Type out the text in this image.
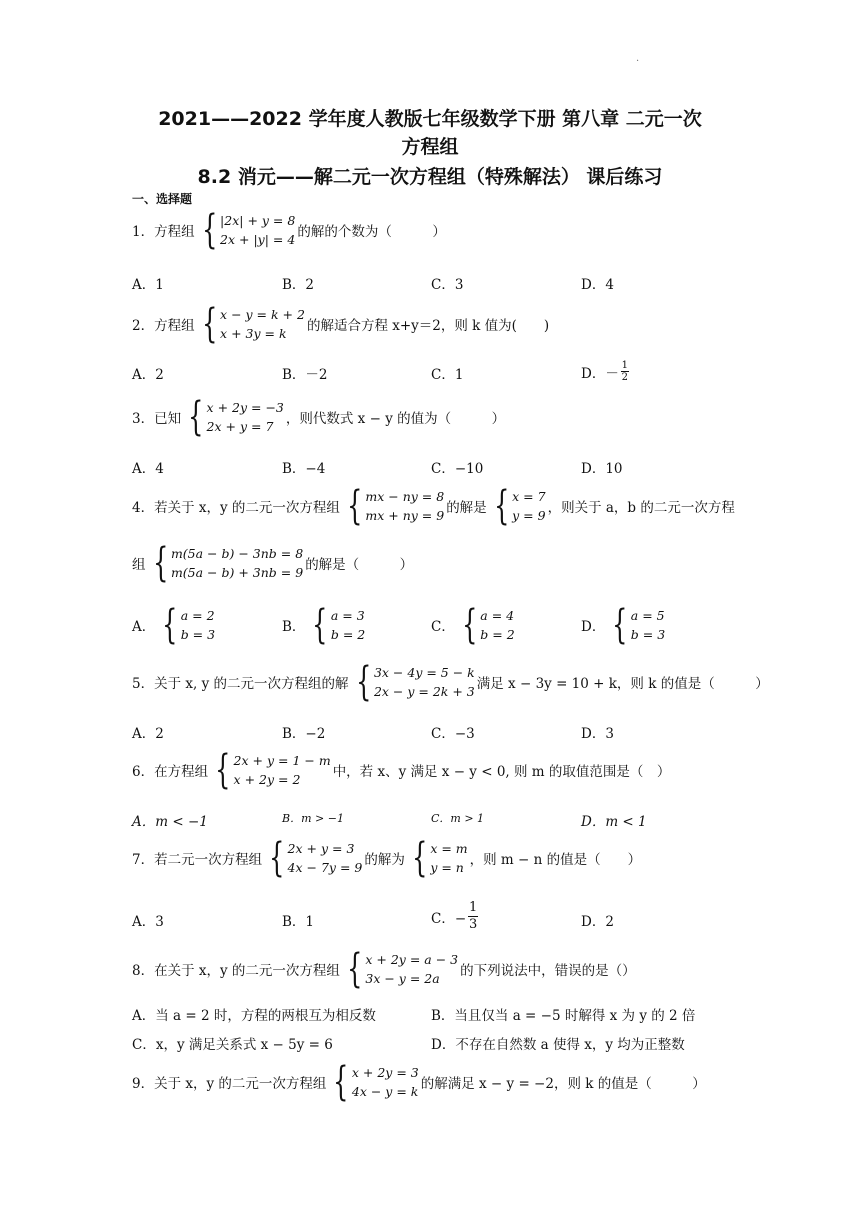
·
2021——2022 学年度人教版七年级数学下册 第八章 二元一次
方程组
8.2 消元——解二元一次方程组（特殊解法） 课后练习
一、选择题
1． 方程组 { |2x| + y = 8
2x + |y| = 4 的解的个数为（　　　）
A．1	B．2	C．3	D．4
2． 方程组 { x − y = k + 2
x + 3y = k	的解适合方程 x+y＝2，则 k 值为(　　)
A．2	B．－2	C．1	D．－ $\frac{1}{2}$
3． 已知 { x + 2y = −3
2x + y = 7 ，则代数式 x − y 的值为（　　　）
A．4	B．−4	C．−10	D．10
4． 若关于 x，y 的二元一次方程组 { mx − ny = 8
mx + ny = 9 的解是 { x = 7
y = 9 ，则关于 a，b 的二元一次方程
组 { m(5a − b) − 3nb = 8
m(5a − b) + 3nb = 9 的解是（　　　）
A． { a = 2
b = 3	B． { a = 3
b = 2	C． { a = 4
b = 2	D． { a = 5
b = 3
5． 关于 x, y 的二元一次方程组的解 { 3x − 4y = 5 − k
2x − y = 2k + 3 满足 x − 3y = 10 + k，则 k 的值是（　　　）
A．2	B．−2	C．−3	D．3
6． 在方程组 { 2x + y = 1 − m
x + 2y = 2	中，若 x、y 满足 x − y < 0, 则 m 的取值范围是（　）
A．m < −1	B．m > −1	C．m > 1	D．m < 1
7． 若二元一次方程组 { 2x + y = 3
4x − 7y = 9 的解为 { x = m
y = n ，则 m − n 的值是（　　）
A．3	B．1	C．− $\frac{1}{3}$	D．2
8． 在关于 x，y 的二元一次方程组 { x + 2y = a − 3
3x − y = 2a	的下列说法中，错误的是（）
A．当 a = 2 时，方程的两根互为相反数	B．当且仅当 a = −5 时解得 x 为 y 的 2 倍
C．x，y 满足关系式 x − 5y = 6	D．不存在自然数 a 使得 x，y 均为正整数
9． 关于 x，y 的二元一次方程组 { x + 2y = 3
4x − y = k 的解满足 x − y = −2，则 k 的值是（　　　）
